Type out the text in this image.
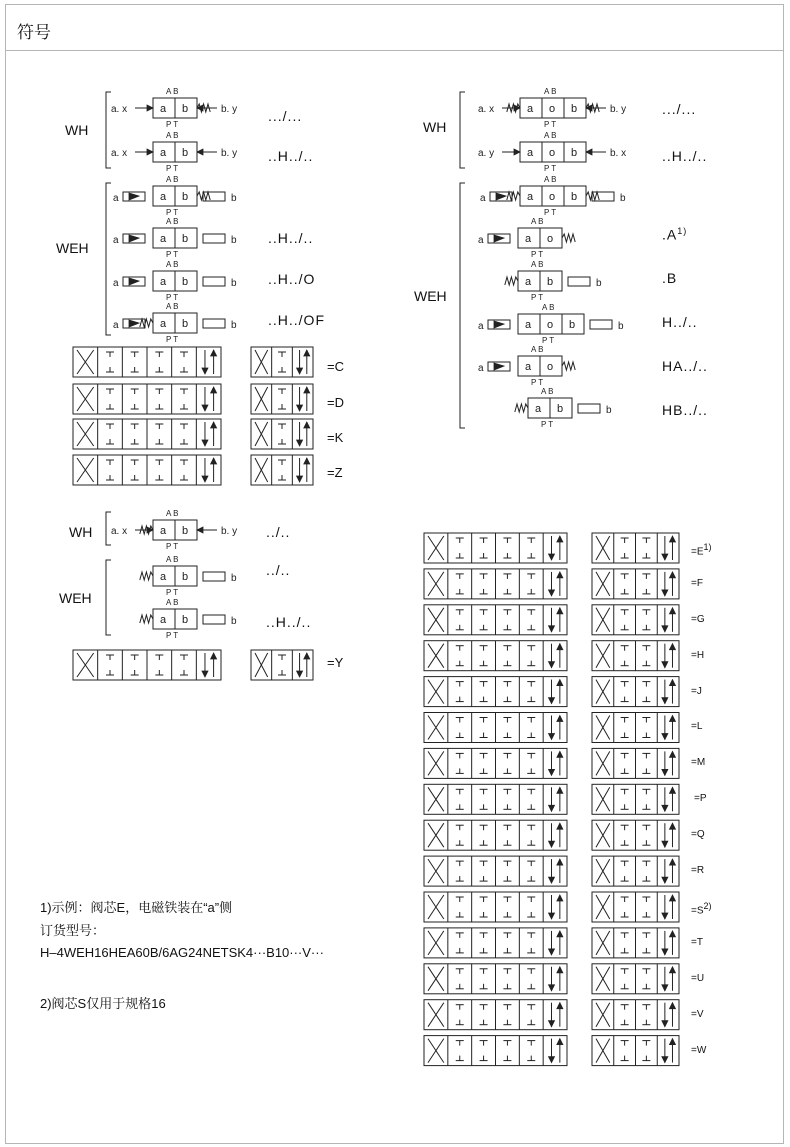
符号
WH
WEH
WH
WEH
WH
WEH
.../...
..H../..
..H../..
..H../O
..H../OF
=C
=D
=K
=Z
.../...
..H../..
$.A^{1)}$
.B
H../..
HA../..
HB../..
../..
../..
..H../..
=Y
$=E^{1)}$
=F
=G
=H
=J
=L
=M
=P
=Q
=R
$=S^{2)}$
=T
=U
=V
=W
1)示例：阀芯E，电磁铁装在“a”侧
订货型号：
H–4WEH16HEA60B/6AG24NETSK4···B10···V···
2)阀芯S仅用于规格16
A B
a b
P T
a. x	b. y
A B
a b
P T
a. x	b. y
A B
a b
P T
a	b
A B
a b
P T
a	b
A B
a b
P T
a	b
A B
a b
P T
a	b
A B
a o b
P T
a. x	b. y
A B
a o b
P T
a. y	b. x
A B
a o b
P T
a	b
A B
a o
P T
a
A B
a b
P T
b
A B
a o b
P T
a	b
A B
a o
P T
a
A B
a b
P T
b
A B
a b
P T
a. x	b. y
A B
a b
P T
b
A B
a b
P T
b
